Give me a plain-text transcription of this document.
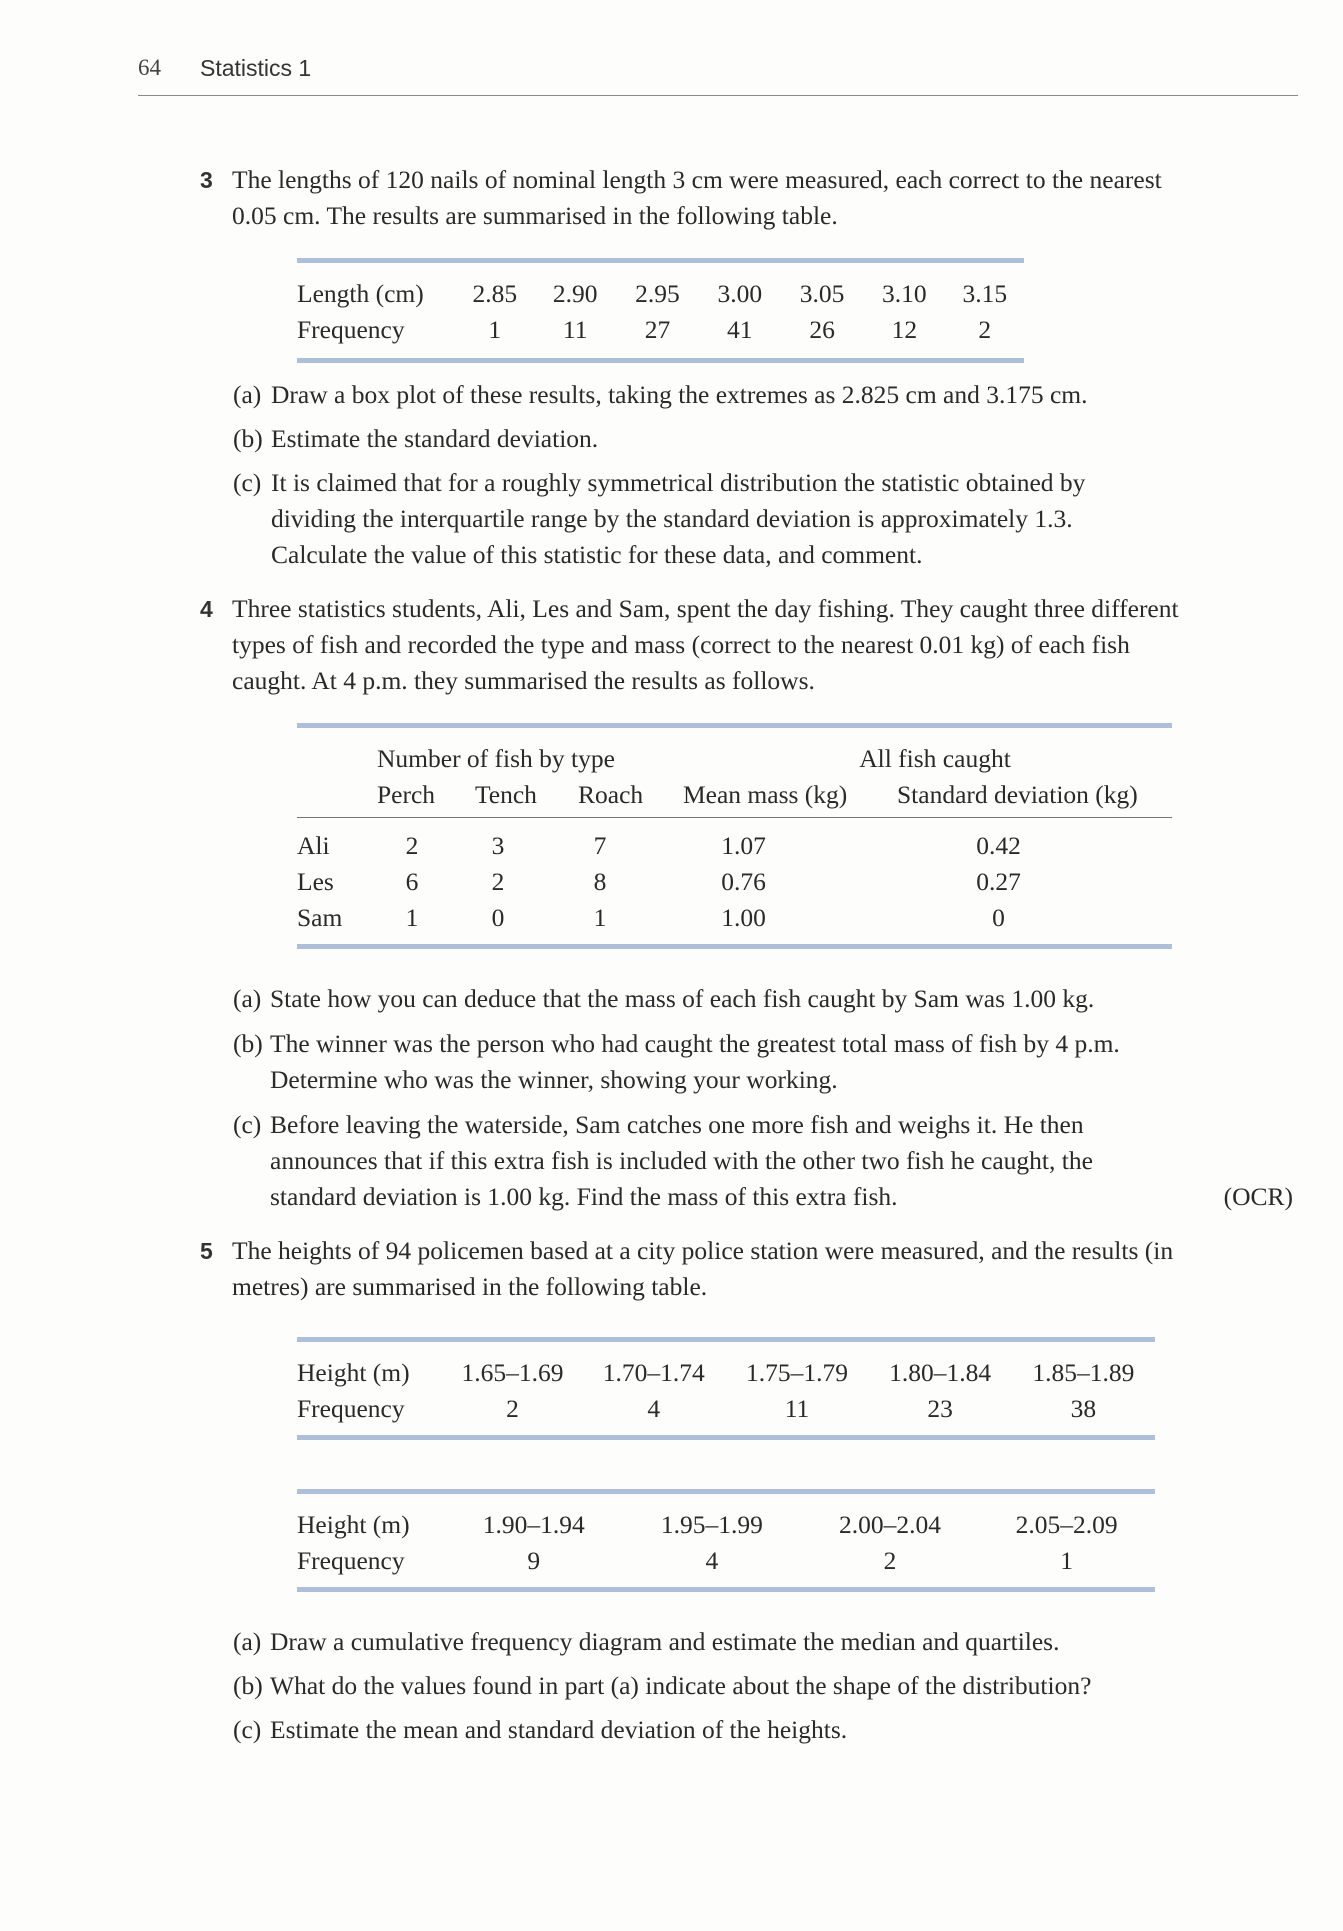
64 Statistics 1
3 The lengths of 120 nails of nominal length 3 cm were measured, each correct to the nearest
0.05 cm. The results are summarised in the following table.
Length (cm)	2.85	2.90	2.95	3.00	3.05	3.10	3.15
Frequency	1	11	27	41	26	12	2
(a) Draw a box plot of these results, taking the extremes as 2.825 cm and 3.175 cm.
(b) Estimate the standard deviation.
(c) It is claimed that for a roughly symmetrical distribution the statistic obtained by
dividing the interquartile range by the standard deviation is approximately 1.3.
Calculate the value of this statistic for these data, and comment.
4 Three statistics students, Ali, Les and Sam, spent the day fishing. They caught three different
types of fish and recorded the type and mass (correct to the nearest 0.01 kg) of each fish
caught. At 4 p.m. they summarised the results as follows.
	Number of fish by type			All fish caught	
	Perch	Tench	Roach	Mean mass (kg)	Standard deviation (kg)
Ali	2	3	7	1.07	0.42
Les	6	2	8	0.76	0.27
Sam	1	0	1	1.00	0
(a) State how you can deduce that the mass of each fish caught by Sam was 1.00 kg.
(b) The winner was the person who had caught the greatest total mass of fish by 4 p.m.
Determine who was the winner, showing your working.
(c) Before leaving the waterside, Sam catches one more fish and weighs it. He then
announces that if this extra fish is included with the other two fish he caught, the
standard deviation is 1.00 kg. Find the mass of this extra fish.	(OCR)
5 The heights of 94 policemen based at a city police station were measured, and the results (in
metres) are summarised in the following table.
Height (m)	1.65–1.69	1.70–1.74	1.75–1.79	1.80–1.84	1.85–1.89
Frequency	2	4	11	23	38
Height (m)	1.90–1.94	1.95–1.99	2.00–2.04	2.05–2.09
Frequency	9	4	2	1
(a) Draw a cumulative frequency diagram and estimate the median and quartiles.
(b) What do the values found in part (a) indicate about the shape of the distribution?
(c) Estimate the mean and standard deviation of the heights.
